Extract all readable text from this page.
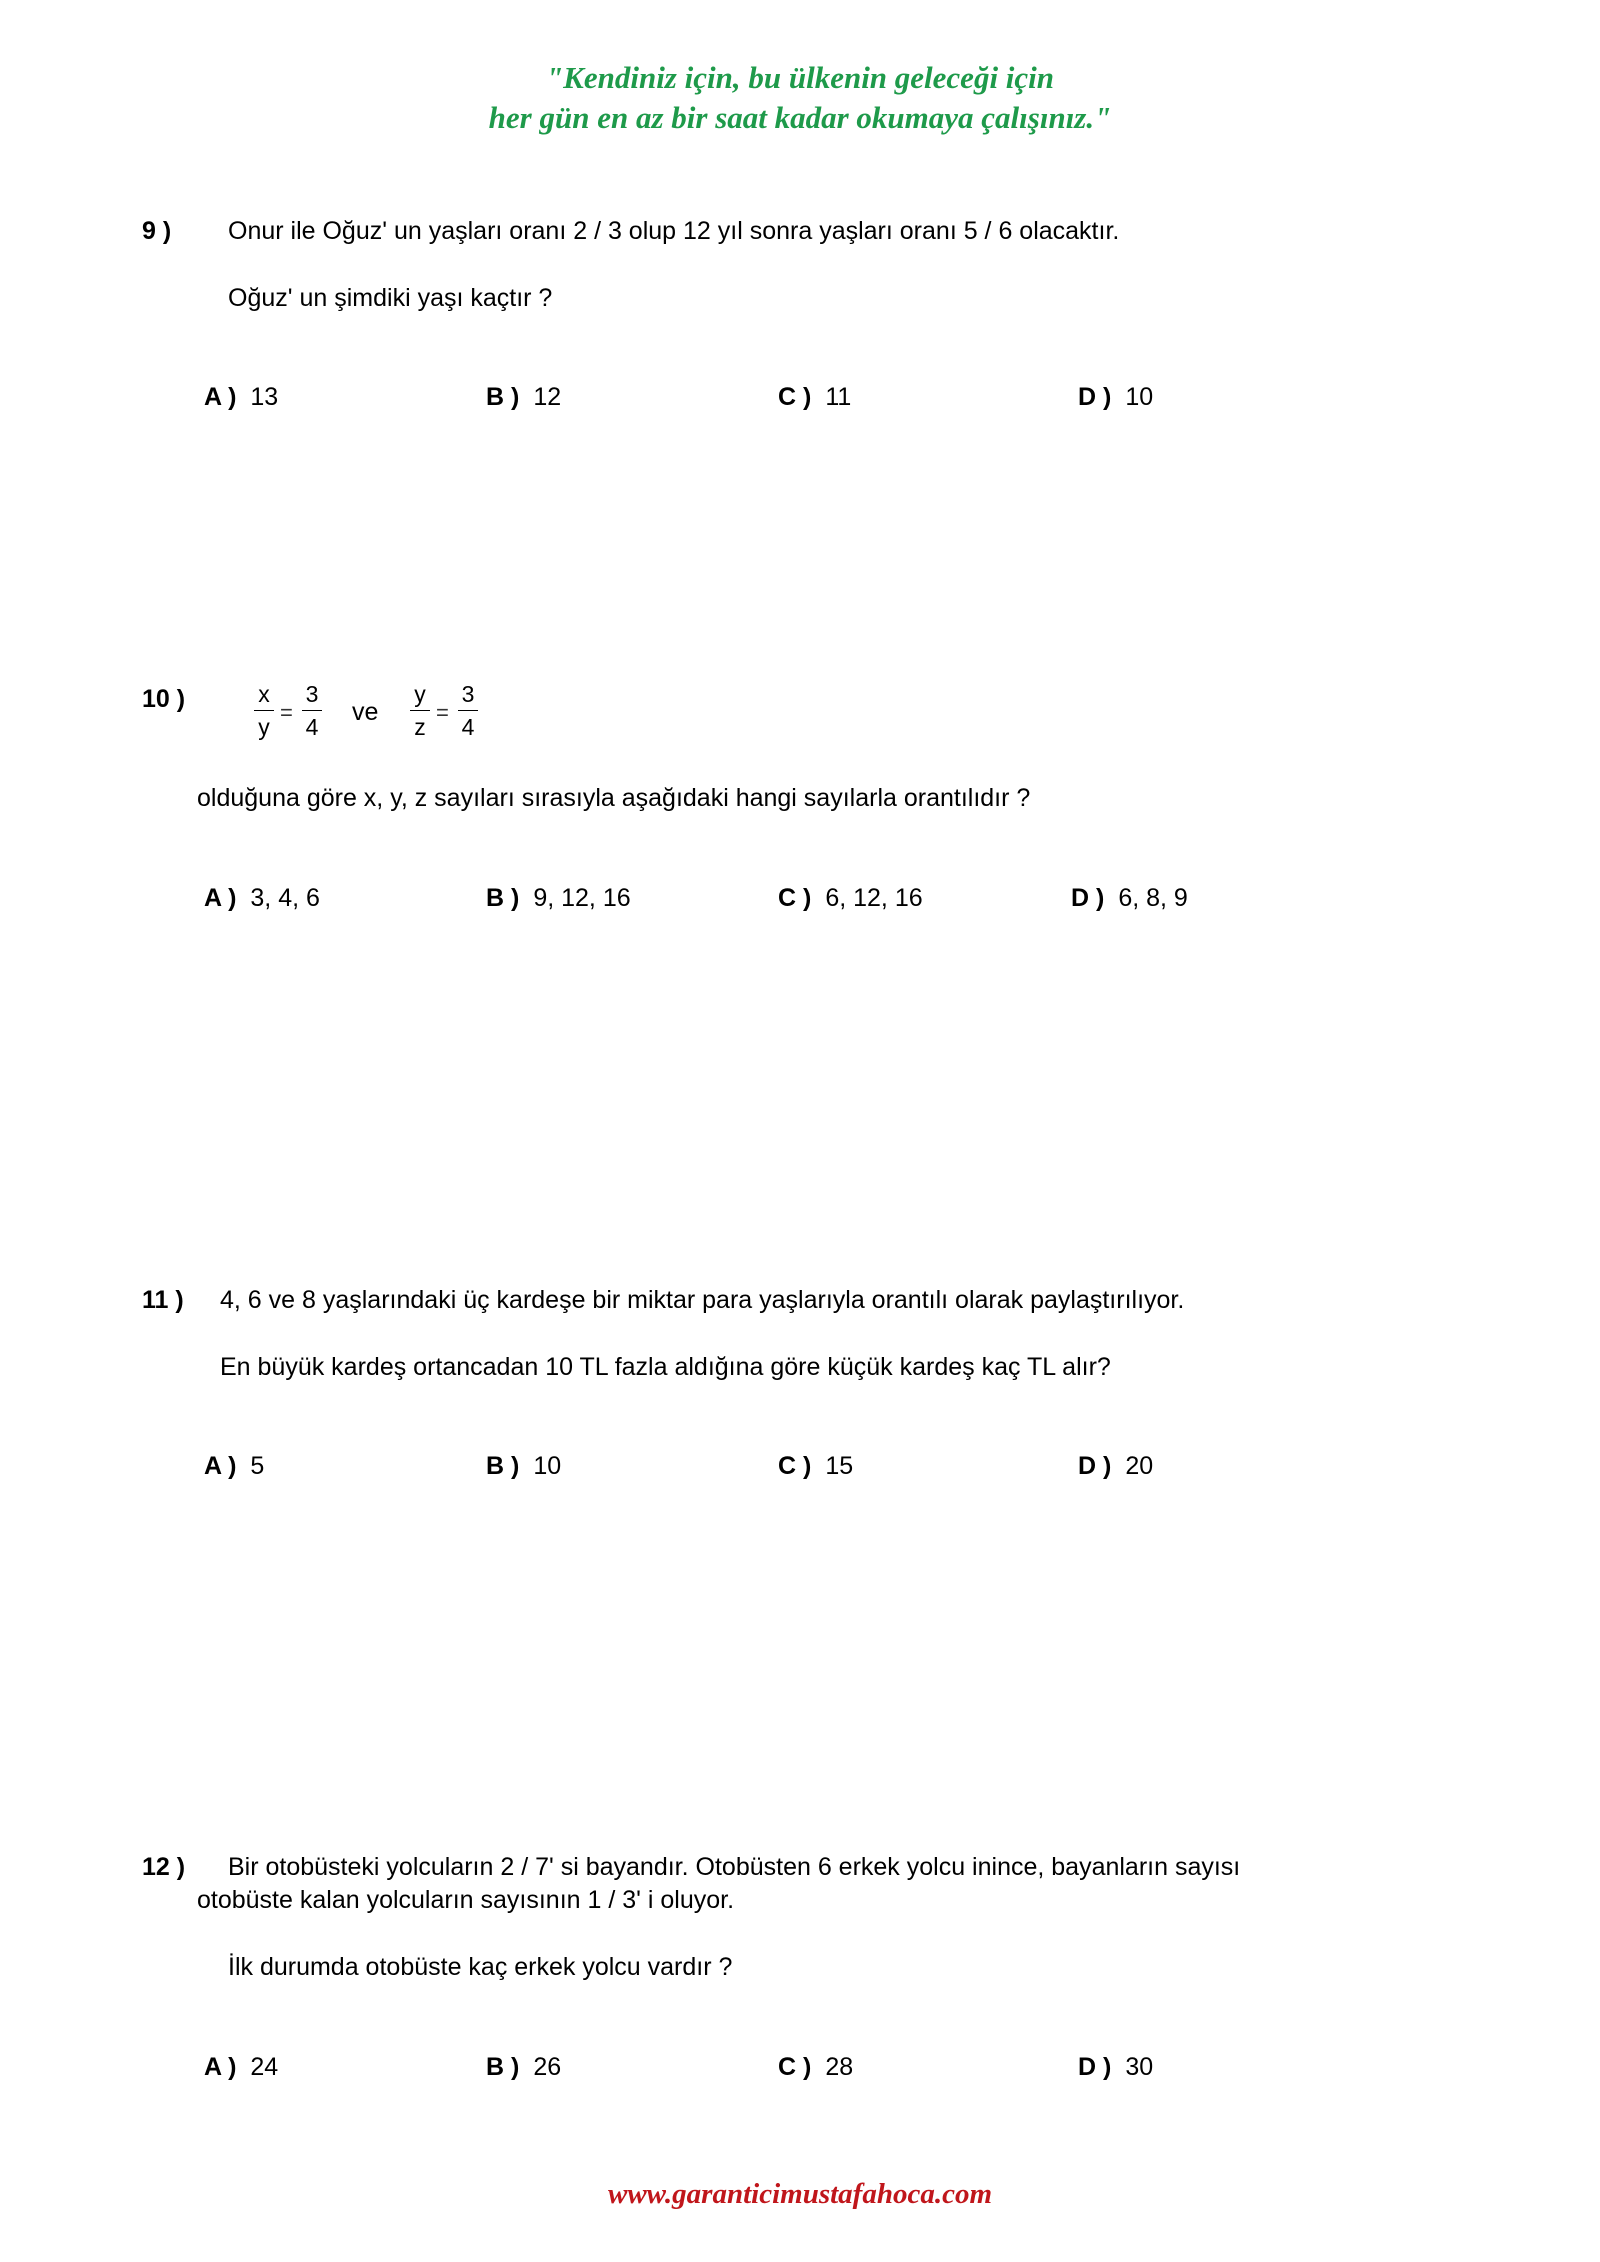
"Kendiniz için, bu ülkenin geleceği için
her gün en az bir saat kadar okumaya çalışınız."
9 ) Onur ile Oğuz' un yaşları oranı 2 / 3 olup 12 yıl sonra yaşları oranı 5 / 6 olacaktır.
Oğuz' un şimdiki yaşı kaçtır ?
A ) 13	B ) 12	C ) 11	D ) 10
10 )	x
y
=
3
4
ve
y
z
=
3
4
olduğuna göre x, y, z sayıları sırasıyla aşağıdaki hangi sayılarla orantılıdır ?
A ) 3, 4, 6	B ) 9, 12, 16	C ) 6, 12, 16	D ) 6, 8, 9
11 ) 4, 6 ve 8 yaşlarındaki üç kardeşe bir miktar para yaşlarıyla orantılı olarak paylaştırılıyor.
En büyük kardeş ortancadan 10 TL fazla aldığına göre küçük kardeş kaç TL alır?
A ) 5	B ) 10	C ) 15	D ) 20
12 ) Bir otobüsteki yolcuların 2 / 7' si bayandır. Otobüsten 6 erkek yolcu inince, bayanların sayısı
otobüste kalan yolcuların sayısının 1 / 3' i oluyor.
İlk durumda otobüste kaç erkek yolcu vardır ?
A ) 24	B ) 26	C ) 28	D ) 30
www.garanticimustafahoca.com
